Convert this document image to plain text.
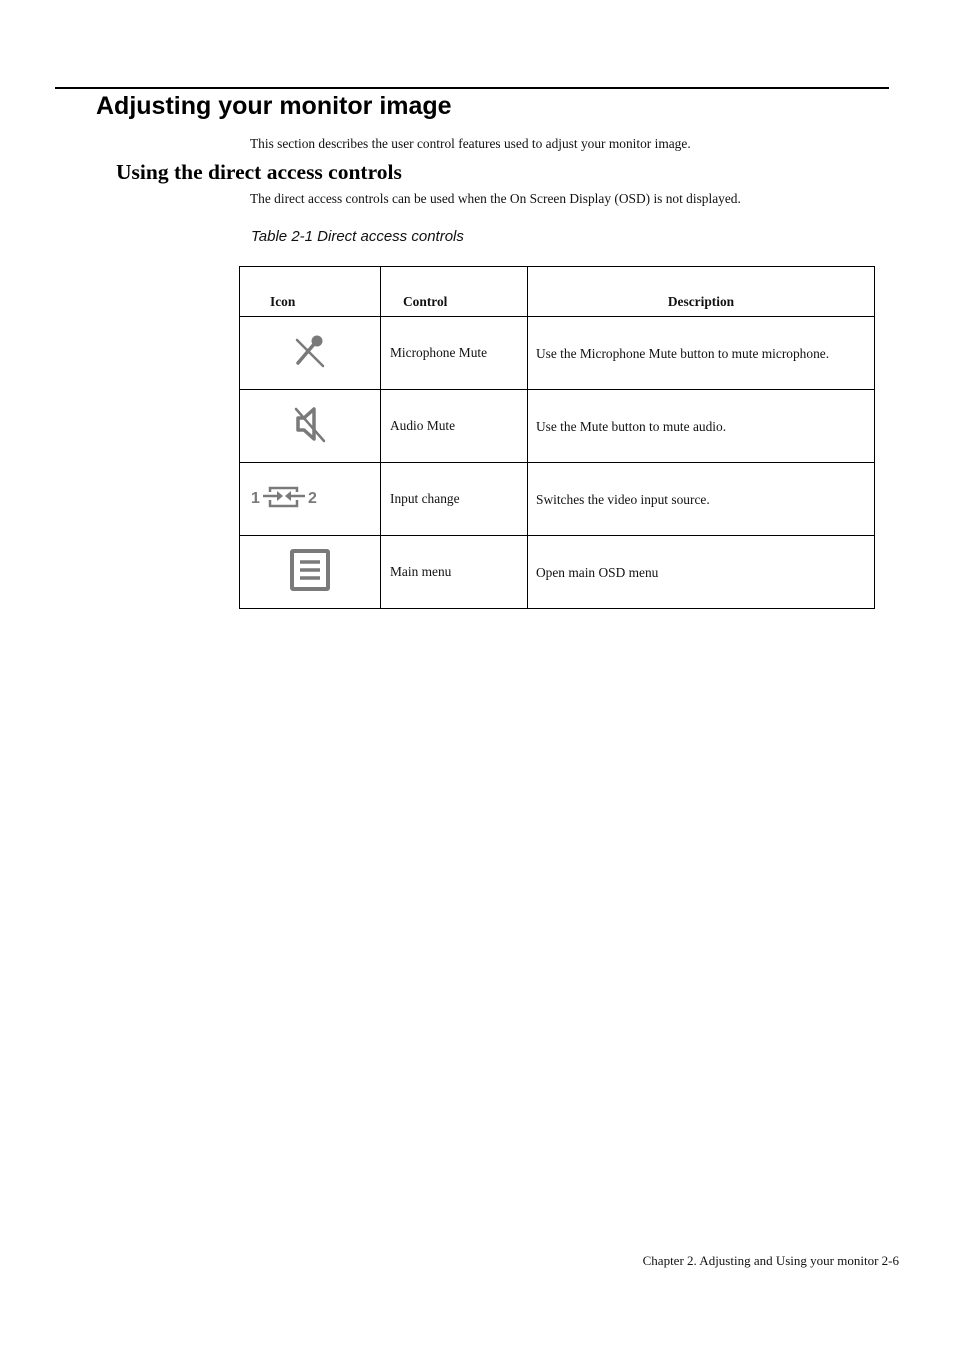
Adjusting your monitor image

This section describes the user control features used to adjust your monitor image.

Using the direct access controls

The direct access controls can be used when the On Screen Display (OSD) is not displayed.

Table 2-1 Direct access controls

Icon	Control	Description
	Microphone Mute	Use the Microphone Mute button to mute microphone.
	Audio Mute	Use the Mute button to mute audio.

1 2	Input change	Switches the video input source.
	Main menu	Open main OSD menu

Chapter 2. Adjusting and Using your monitor 2-6
